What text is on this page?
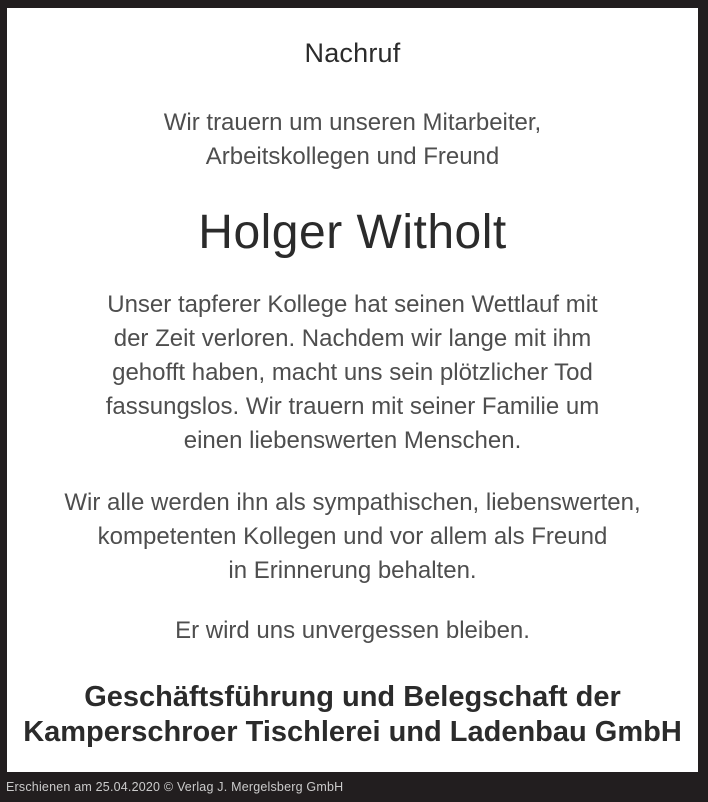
Nachruf
Wir trauern um unseren Mitarbeiter,
Arbeitskollegen und Freund
Holger Witholt
Unser tapferer Kollege hat seinen Wettlauf mit
der Zeit verloren. Nachdem wir lange mit ihm
gehofft haben, macht uns sein plötzlicher Tod
fassungslos. Wir trauern mit seiner Familie um
einen liebenswerten Menschen.
Wir alle werden ihn als sympathischen, liebenswerten,
kompetenten Kollegen und vor allem als Freund
in Erinnerung behalten.
Er wird uns unvergessen bleiben.
Geschäftsführung und Belegschaft der
Kamperschroer Tischlerei und Ladenbau GmbH
Erschienen am 25.04.2020 © Verlag J. Mergelsberg GmbH
